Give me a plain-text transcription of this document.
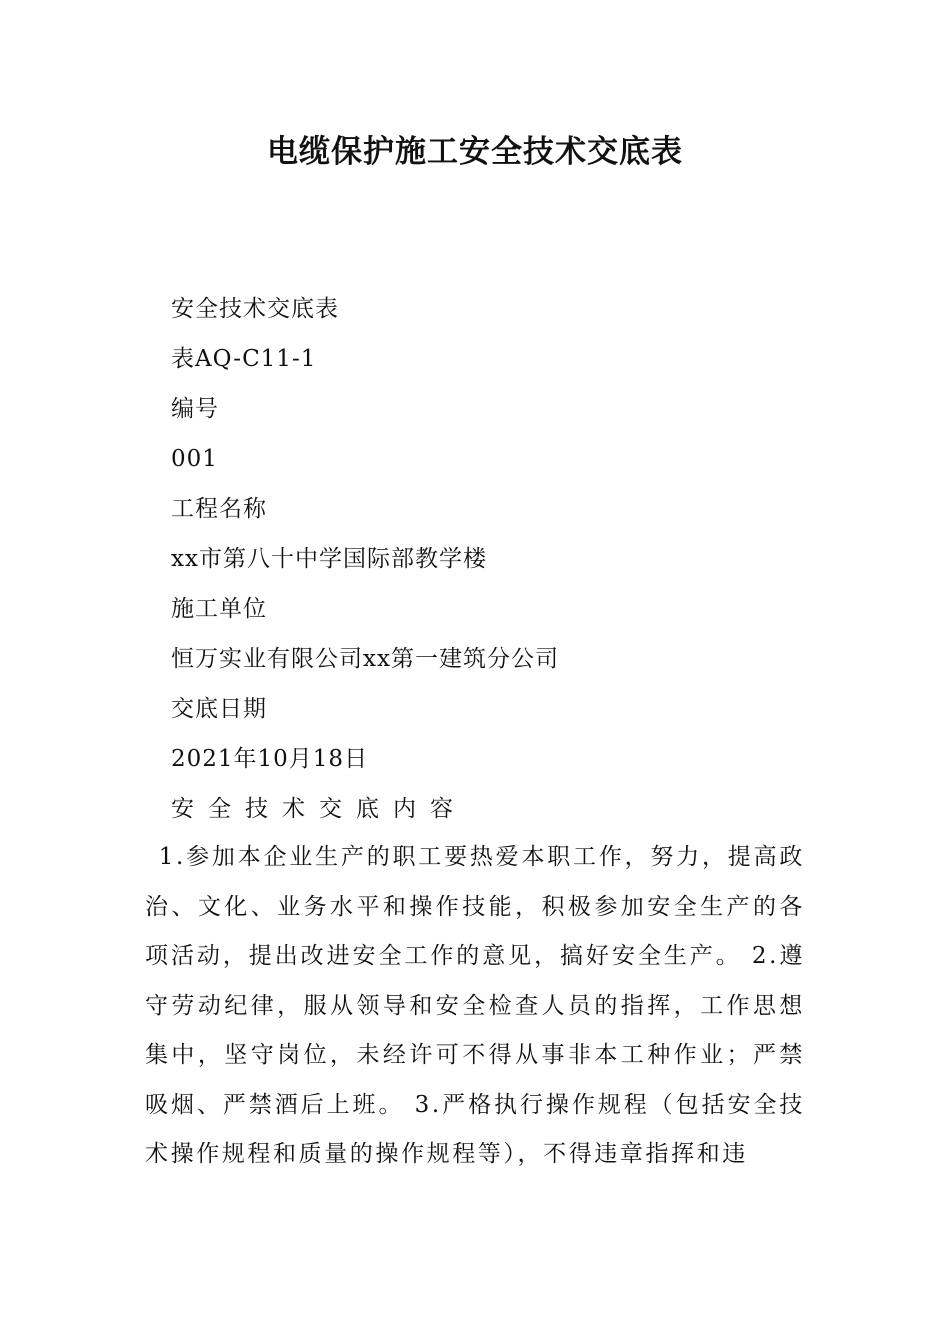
电缆保护施工安全技术交底表
安全技术交底表
表AQ-C11-1
编号
001
工程名称
xx市第八十中学国际部教学楼
施工单位
恒万实业有限公司xx第一建筑分公司
交底日期
2021年10月18日
安全技术交底内容

1.参加本企业生产的职工要热爱本职工作，努力，提高政治、文化、业务水平和操作技能，积极参加安全生产的各项活动，提出改进安全工作的意见，搞好安全生产。 2.遵守劳动纪律，服从领导和安全检查人员的指挥，工作思想集中，坚守岗位，未经许可不得从事非本工种作业；严禁吸烟、严禁酒后上班。 3.严格执行操作规程（包括安全技术操作规程和质量的操作规程等），不得违章指挥和违
